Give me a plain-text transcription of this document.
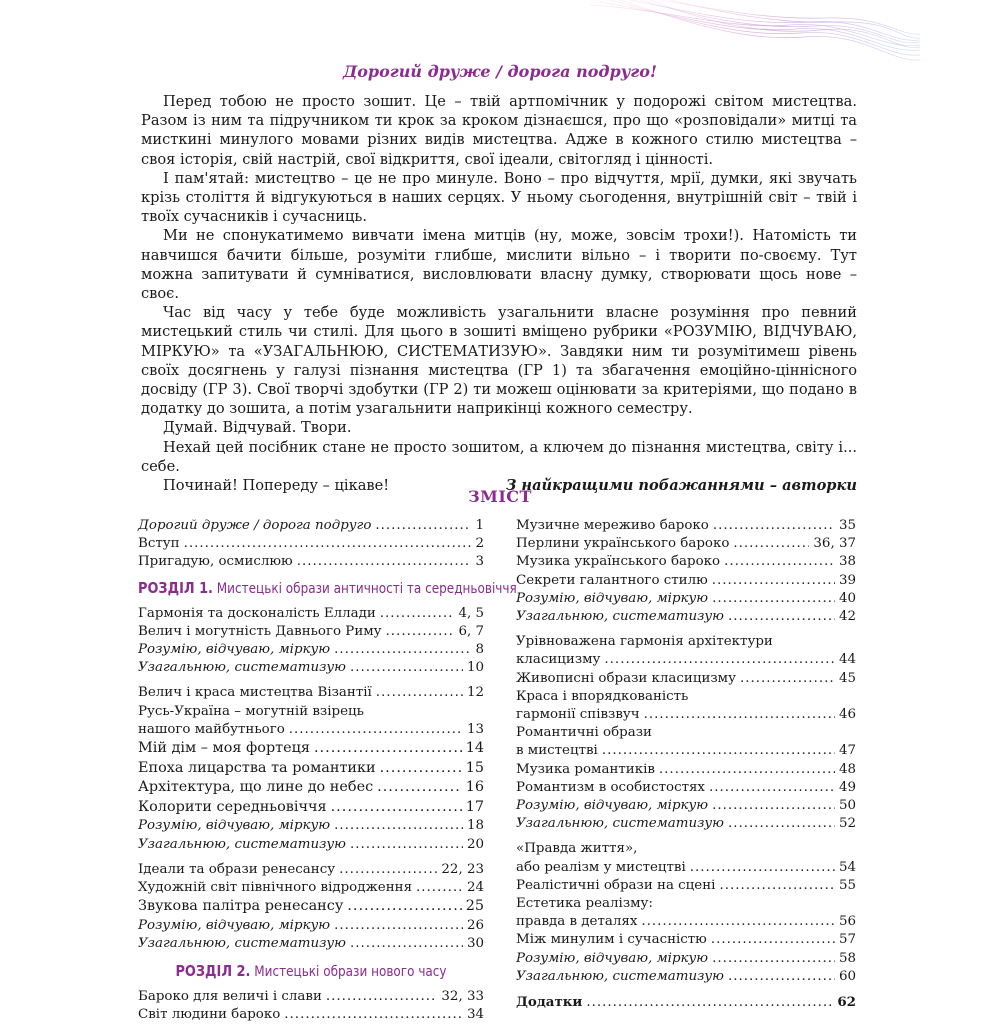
Дорогий друже / дорога подруго!

Перед тобою не просто зошит. Це – твій артпомічник у подорожі світом мистецтва. Разом із ним та підручником ти крок за кроком дізнаєшся, про що «розповідали» митці та мисткині минулого мовами різних видів мистецтва. Адже в кожного стилю мистецтва – своя історія, свій настрій, свої відкриття, свої ідеали, світогляд і цінності.

І пам'ятай: мистецтво – це не про минуле. Воно – про відчуття, мрії, думки, які звучать крізь століття й відгукуються в наших серцях. У ньому сьогодення, внутрішній світ – твій і твоїх сучасників і сучасниць.

Ми не спонукатимемо вивчати імена митців (ну, може, зовсім трохи!). Натомість ти навчишся бачити більше, розуміти глибше, мислити вільно – і творити по-своєму. Тут можна запитувати й сумніватися, висловлювати власну думку, створювати щось нове – своє.

Час від часу у тебе буде можливість узагальнити власне розуміння про певний мистецький стиль чи стилі. Для цього в зошиті вміщено рубрики «РОЗУМІЮ, ВІДЧУВАЮ, МІРКУЮ» та «УЗАГАЛЬНЮЮ, СИСТЕМАТИЗУЮ». Завдяки ним ти розумітимеш рівень своїх досягнень у галузі пізнання мистецтва (ГР 1) та збагачення емоційно-ціннісного досвіду (ГР 3). Свої творчі здобутки (ГР 2) ти можеш оцінювати за критеріями, що подано в додатку до зошита, а потім узагальнити наприкінці кожного семестру.

Думай. Відчувай. Твори.

Нехай цей посібник стане не просто зошитом, а ключем до пізнання мистецтва, світу і... себе.

Починай! Попереду – цікаве!	З найкращими побажаннями – авторки

ЗМІСТ
Дорогий друже / дорога подруго .....	1
Вступ .....	2
Пригадую, осмислюю .....	3
РОЗДІЛ 1. Мистецькі образи античності та середньовіччя
Гармонія та досконалість Еллади .....	4, 5
Велич і могутність Давнього Риму .....	6, 7
Розумію, відчуваю, міркую .....	8
Узагальнюю, систематизую .....	10
Велич і краса мистецтва Візантії .....	12
Русь-Україна – могутній взірець
нашого майбутнього .....	13
Мій дім – моя фортеця .....	14
Епоха лицарства та романтики .....	15
Архітектура, що лине до небес .....	16
Колорити середньовіччя .....	17
Розумію, відчуваю, міркую .....	18
Узагальнюю, систематизую .....	20
Ідеали та образи ренесансу .....	22, 23
Художній світ північного відродження .....	24
Звукова палітра ренесансу .....	25
Розумію, відчуваю, міркую .....	26
Узагальнюю, систематизую .....	30
РОЗДІЛ 2. Мистецькі образи нового часу
Бароко для величі і слави .....	32, 33
Світ людини бароко .....	34
Музичне мереживо бароко .....	35
Перлини українського бароко .....	36, 37
Музика українського бароко .....	38
Секрети галантного стилю .....	39
Розумію, відчуваю, міркую .....	40
Узагальнюю, систематизую .....	42
Урівноважена гармонія архітектури
класицизму .....	44
Живописні образи класицизму .....	45
Краса і впорядкованість
гармонії співзвуч .....	46
Романтичні образи
в мистецтві .....	47
Музика романтиків .....	48
Романтизм в особистостях .....	49
Розумію, відчуваю, міркую .....	50
Узагальнюю, систематизую .....	52
«Правда життя»,
або реалізм у мистецтві .....	54
Реалістичні образи на сцені .....	55
Естетика реалізму:
правда в деталях .....	56
Між минулим і сучасністю .....	57
Розумію, відчуваю, міркую .....	58
Узагальнюю, систематизую .....	60
Додатки .....	62
